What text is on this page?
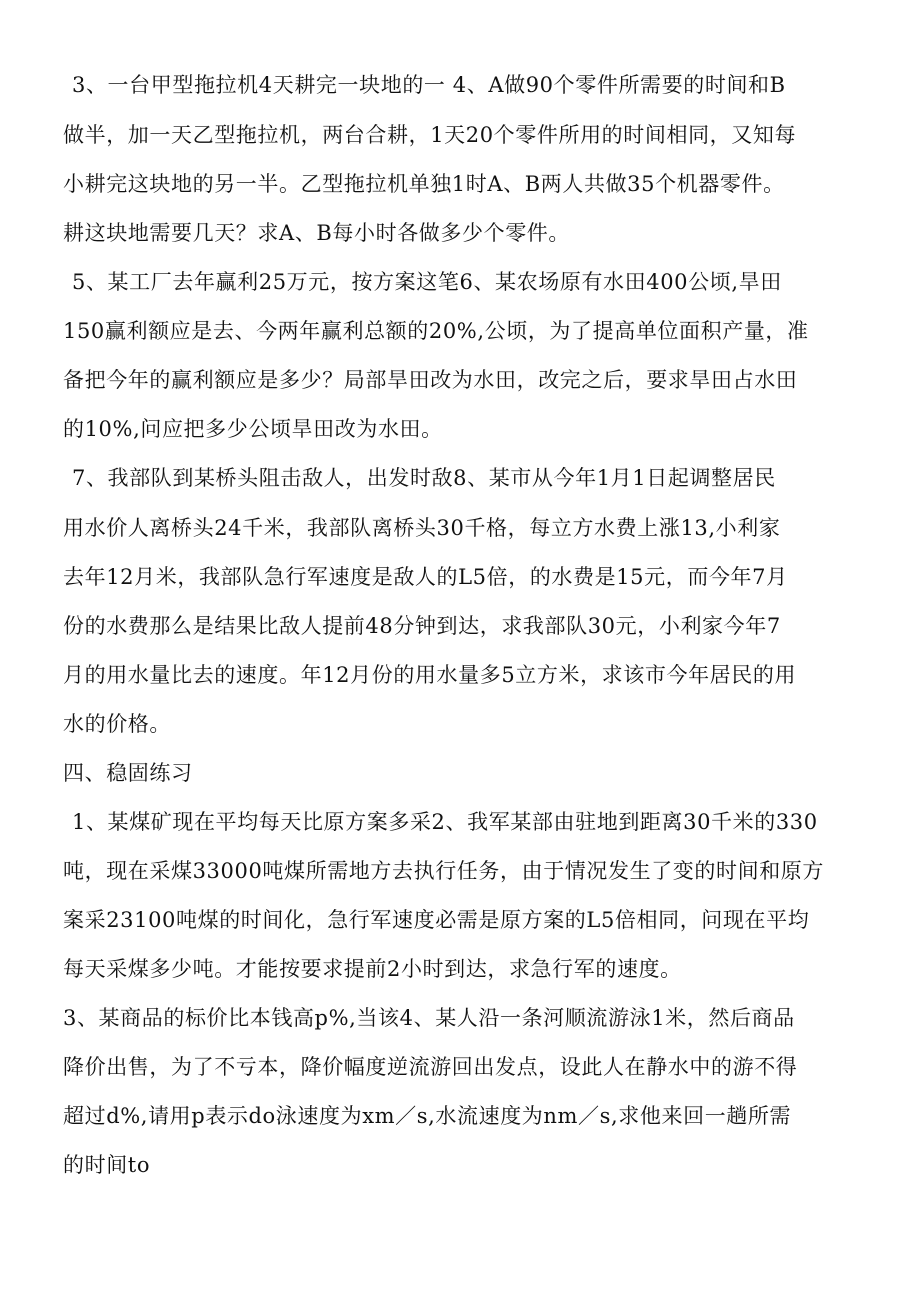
3、一台甲型拖拉机4天耕完一块地的一 4、A做90个零件所需要的时间和B
做半，加一天乙型拖拉机，两台合耕，1天20个零件所用的时间相同，又知每
小耕完这块地的另一半。乙型拖拉机单独1时A、B两人共做35个机器零件。
耕这块地需要几天？求A、B每小时各做多少个零件。
5、某工厂去年赢利25万元，按方案这笔6、某农场原有水田400公顷,旱田
150赢利额应是去、今两年赢利总额的20%,公顷，为了提高单位面积产量，准
备把今年的赢利额应是多少？局部旱田改为水田，改完之后，要求旱田占水田
的10%,问应把多少公顷旱田改为水田。
7、我部队到某桥头阻击敌人，出发时敌8、某市从今年1月1日起调整居民
用水价人离桥头24千米，我部队离桥头30千格，每立方水费上涨13,小利家
去年12月米，我部队急行军速度是敌人的L5倍，的水费是15元，而今年7月
份的水费那么是结果比敌人提前48分钟到达，求我部队30元，小利家今年7
月的用水量比去的速度。年12月份的用水量多5立方米，求该市今年居民的用
水的价格。
四、稳固练习
1、某煤矿现在平均每天比原方案多采2、我军某部由驻地到距离30千米的330
吨，现在采煤33000吨煤所需地方去执行任务，由于情况发生了变的时间和原方
案采23100吨煤的时间化，急行军速度必需是原方案的L5倍相同，问现在平均
每天采煤多少吨。才能按要求提前2小时到达，求急行军的速度。
3、某商品的标价比本钱高p%,当该4、某人沿一条河顺流游泳1米，然后商品
降价出售，为了不亏本，降价幅度逆流游回出发点，设此人在静水中的游不得
超过d%,请用p表示do泳速度为xm／s,水流速度为nm／s,求他来回一趟所需
的时间to
